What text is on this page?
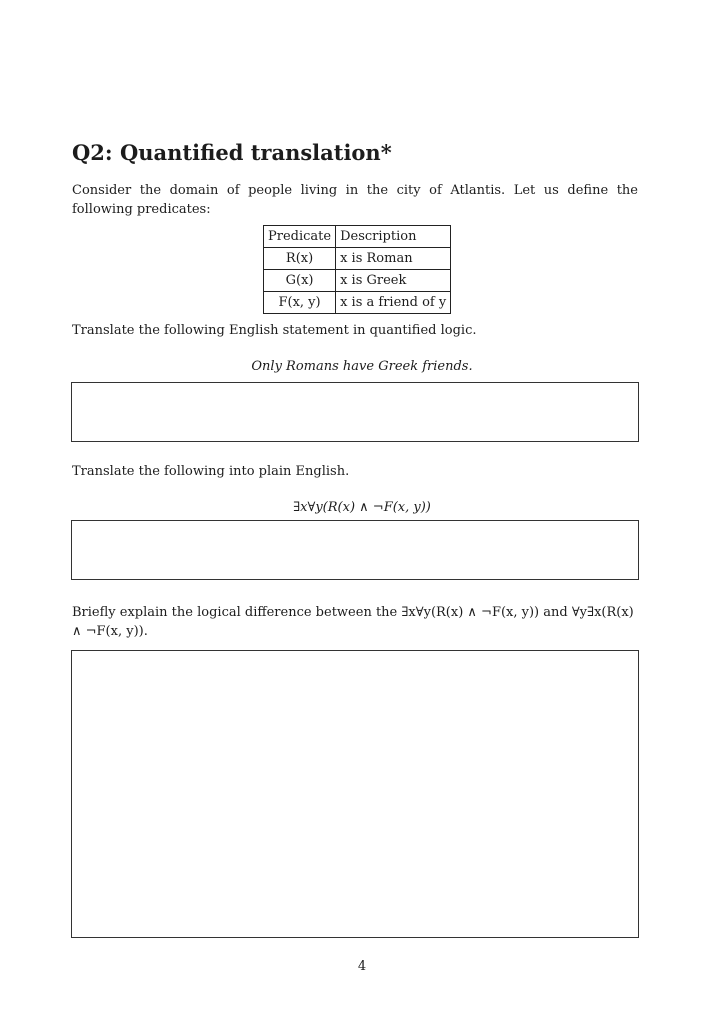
Q2: Quantified translation*
Consider the domain of people living in the city of Atlantis. Let us define the following predicates:
Predicate	Description
R(x)	x is Roman
G(x)	x is Greek
F(x, y)	x is a friend of y
Translate the following English statement in quantified logic.
Only Romans have Greek friends.
Translate the following into plain English.
∃x∀y(R(x) ∧ ¬F(x, y))
Briefly explain the logical difference between the ∃x∀y(R(x) ∧ ¬F(x, y)) and ∀y∃x(R(x) ∧ ¬F(x, y)).
4
